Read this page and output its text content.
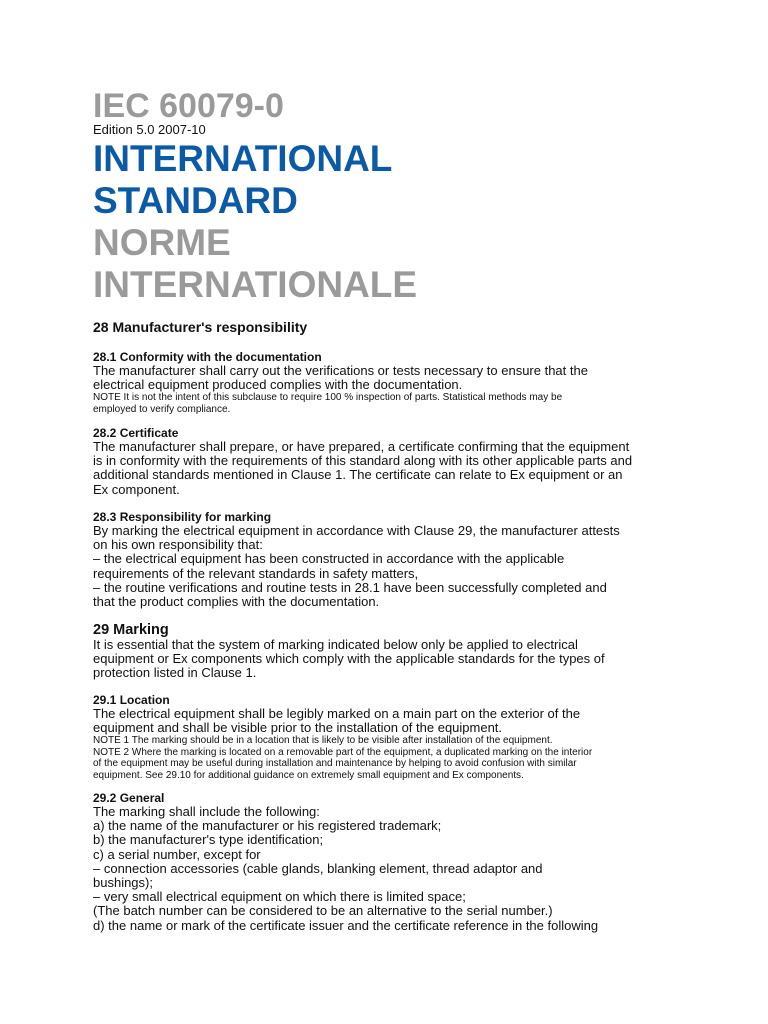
IEC 60079-0
Edition 5.0 2007-10
INTERNATIONAL
STANDARD
NORME
INTERNATIONALE
28 Manufacturer's responsibility
28.1 Conformity with the documentation
The manufacturer shall carry out the verifications or tests necessary to ensure that the
electrical equipment produced complies with the documentation.
NOTE It is not the intent of this subclause to require 100 % inspection of parts. Statistical methods may be
employed to verify compliance.
28.2 Certificate
The manufacturer shall prepare, or have prepared, a certificate confirming that the equipment
is in conformity with the requirements of this standard along with its other applicable parts and
additional standards mentioned in Clause 1. The certificate can relate to Ex equipment or an
Ex component.
28.3 Responsibility for marking
By marking the electrical equipment in accordance with Clause 29, the manufacturer attests
on his own responsibility that:
– the electrical equipment has been constructed in accordance with the applicable
requirements of the relevant standards in safety matters,
– the routine verifications and routine tests in 28.1 have been successfully completed and
that the product complies with the documentation.
29 Marking
It is essential that the system of marking indicated below only be applied to electrical
equipment or Ex components which comply with the applicable standards for the types of
protection listed in Clause 1.
29.1 Location
The electrical equipment shall be legibly marked on a main part on the exterior of the
equipment and shall be visible prior to the installation of the equipment.
NOTE 1 The marking should be in a location that is likely to be visible after installation of the equipment.
NOTE 2 Where the marking is located on a removable part of the equipment, a duplicated marking on the interior
of the equipment may be useful during installation and maintenance by helping to avoid confusion with similar
equipment. See 29.10 for additional guidance on extremely small equipment and Ex components.
29.2 General
The marking shall include the following:
a) the name of the manufacturer or his registered trademark;
b) the manufacturer's type identification;
c) a serial number, except for
– connection accessories (cable glands, blanking element, thread adaptor and
bushings);
– very small electrical equipment on which there is limited space;
(The batch number can be considered to be an alternative to the serial number.)
d) the name or mark of the certificate issuer and the certificate reference in the following
